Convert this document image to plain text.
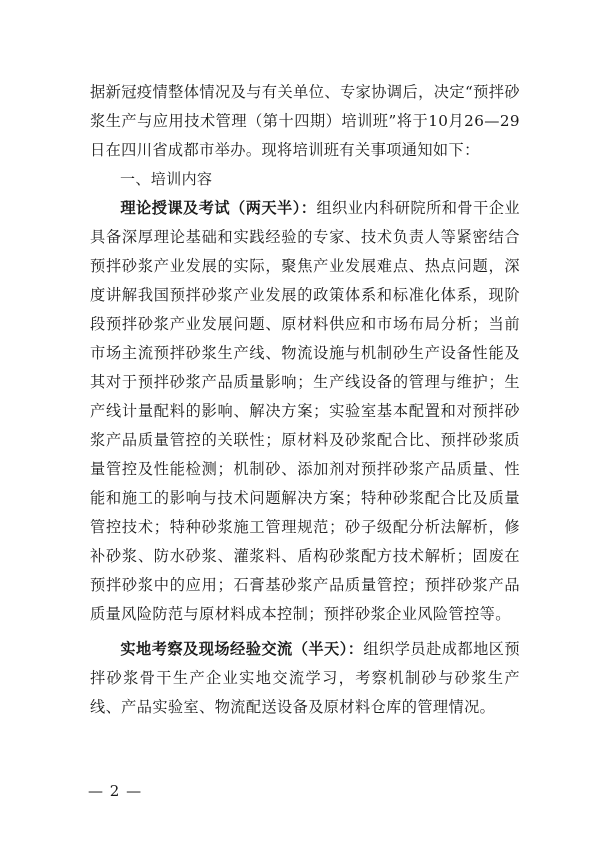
据新冠疫情整体情况及与有关单位、专家协调后，决定“预拌砂浆生产与应用技术管理（第十四期）培训班”将于10月26—29日在四川省成都市举办。现将培训班有关事项通知如下：

一、培训内容

理论授课及考试（两天半）：组织业内科研院所和骨干企业具备深厚理论基础和实践经验的专家、技术负责人等紧密结合预拌砂浆产业发展的实际，聚焦产业发展难点、热点问题，深度讲解我国预拌砂浆产业发展的政策体系和标准化体系，现阶段预拌砂浆产业发展问题、原材料供应和市场布局分析；当前市场主流预拌砂浆生产线、物流设施与机制砂生产设备性能及其对于预拌砂浆产品质量影响；生产线设备的管理与维护；生产线计量配料的影响、解决方案；实验室基本配置和对预拌砂浆产品质量管控的关联性；原材料及砂浆配合比、预拌砂浆质量管控及性能检测；机制砂、添加剂对预拌砂浆产品质量、性能和施工的影响与技术问题解决方案；特种砂浆配合比及质量管控技术；特种砂浆施工管理规范；砂子级配分析法解析，修补砂浆、防水砂浆、灌浆料、盾构砂浆配方技术解析；固废在预拌砂浆中的应用；石膏基砂浆产品质量管控；预拌砂浆产品质量风险防范与原材料成本控制；预拌砂浆企业风险管控等。

实地考察及现场经验交流（半天）：组织学员赴成都地区预拌砂浆骨干生产企业实地交流学习，考察机制砂与砂浆生产线、产品实验室、物流配送设备及原材料仓库的管理情况。

— 2 —
